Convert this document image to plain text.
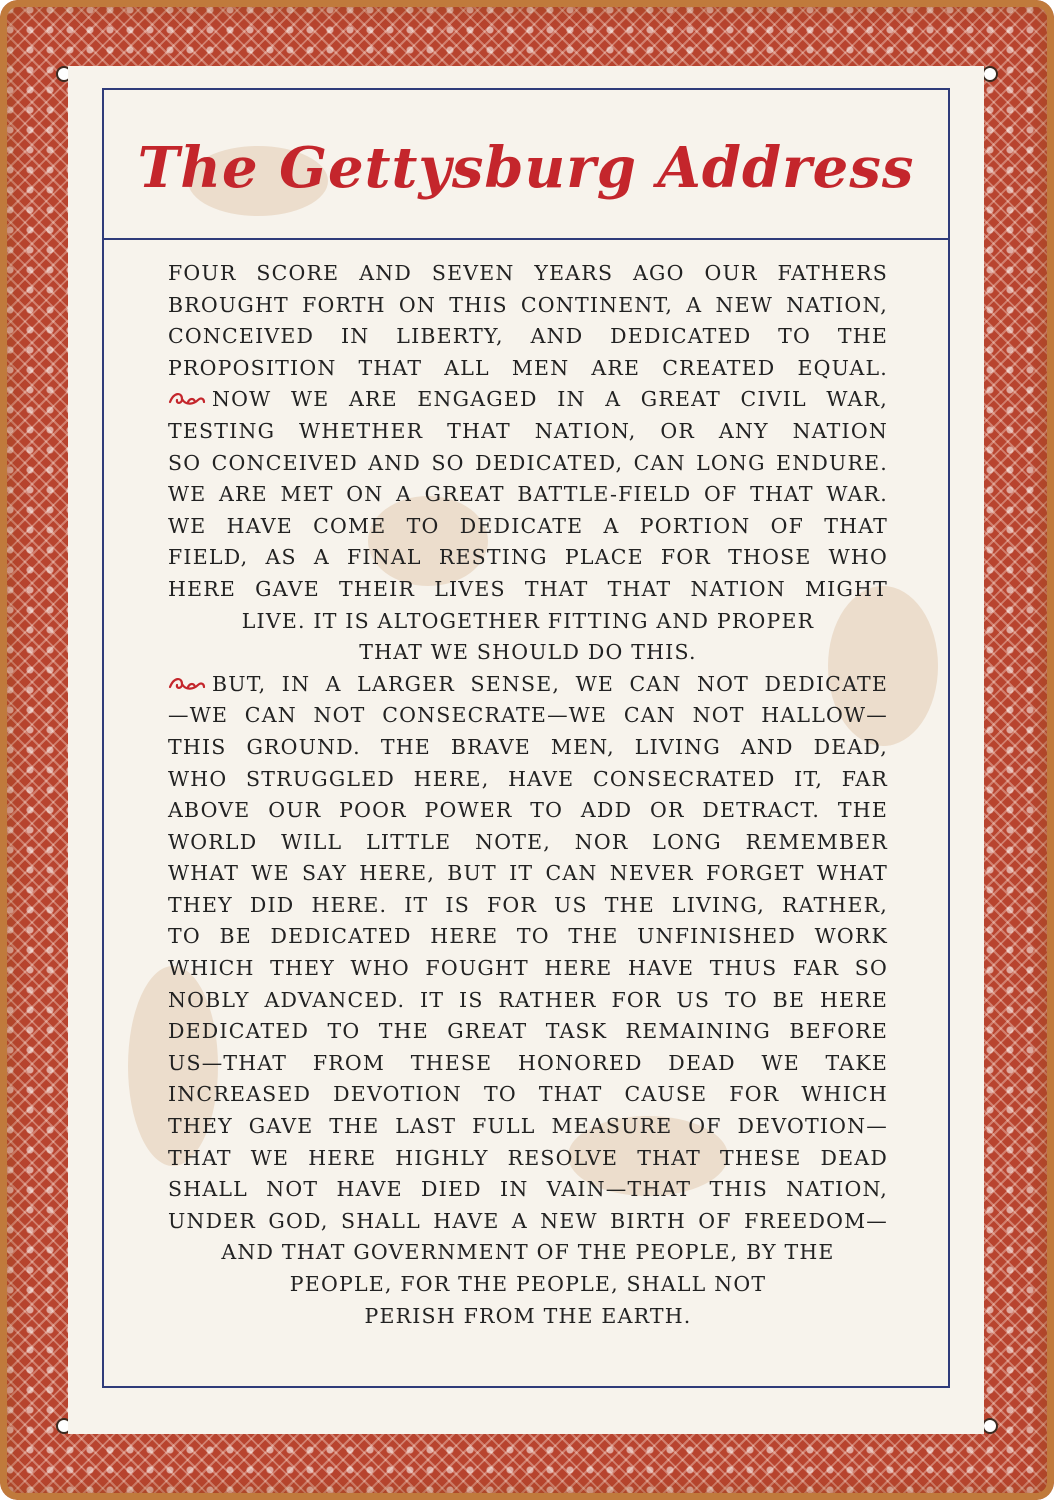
The Gettysburg Address
FOUR SCORE AND SEVEN YEARS AGO OUR FATHERS
BROUGHT FORTH ON THIS CONTINENT, A NEW NATION,
CONCEIVED IN LIBERTY, AND DEDICATED TO THE
PROPOSITION THAT ALL MEN ARE CREATED EQUAL.
NOW WE ARE ENGAGED IN A GREAT CIVIL WAR,
TESTING WHETHER THAT NATION, OR ANY NATION
SO CONCEIVED AND SO DEDICATED, CAN LONG ENDURE.
WE ARE MET ON A GREAT BATTLE-FIELD OF THAT WAR.
WE HAVE COME TO DEDICATE A PORTION OF THAT
FIELD, AS A FINAL RESTING PLACE FOR THOSE WHO
HERE GAVE THEIR LIVES THAT THAT NATION MIGHT
LIVE. IT IS ALTOGETHER FITTING AND PROPER
THAT WE SHOULD DO THIS.
BUT, IN A LARGER SENSE, WE CAN NOT DEDICATE
—WE CAN NOT CONSECRATE—WE CAN NOT HALLOW—
THIS GROUND. THE BRAVE MEN, LIVING AND DEAD,
WHO STRUGGLED HERE, HAVE CONSECRATED IT, FAR
ABOVE OUR POOR POWER TO ADD OR DETRACT. THE
WORLD WILL LITTLE NOTE, NOR LONG REMEMBER
WHAT WE SAY HERE, BUT IT CAN NEVER FORGET WHAT
THEY DID HERE. IT IS FOR US THE LIVING, RATHER,
TO BE DEDICATED HERE TO THE UNFINISHED WORK
WHICH THEY WHO FOUGHT HERE HAVE THUS FAR SO
NOBLY ADVANCED. IT IS RATHER FOR US TO BE HERE
DEDICATED TO THE GREAT TASK REMAINING BEFORE
US—THAT FROM THESE HONORED DEAD WE TAKE
INCREASED DEVOTION TO THAT CAUSE FOR WHICH
THEY GAVE THE LAST FULL MEASURE OF DEVOTION—
THAT WE HERE HIGHLY RESOLVE THAT THESE DEAD
SHALL NOT HAVE DIED IN VAIN—THAT THIS NATION,
UNDER GOD, SHALL HAVE A NEW BIRTH OF FREEDOM—
AND THAT GOVERNMENT OF THE PEOPLE, BY THE
PEOPLE, FOR THE PEOPLE, SHALL NOT
PERISH FROM THE EARTH.
